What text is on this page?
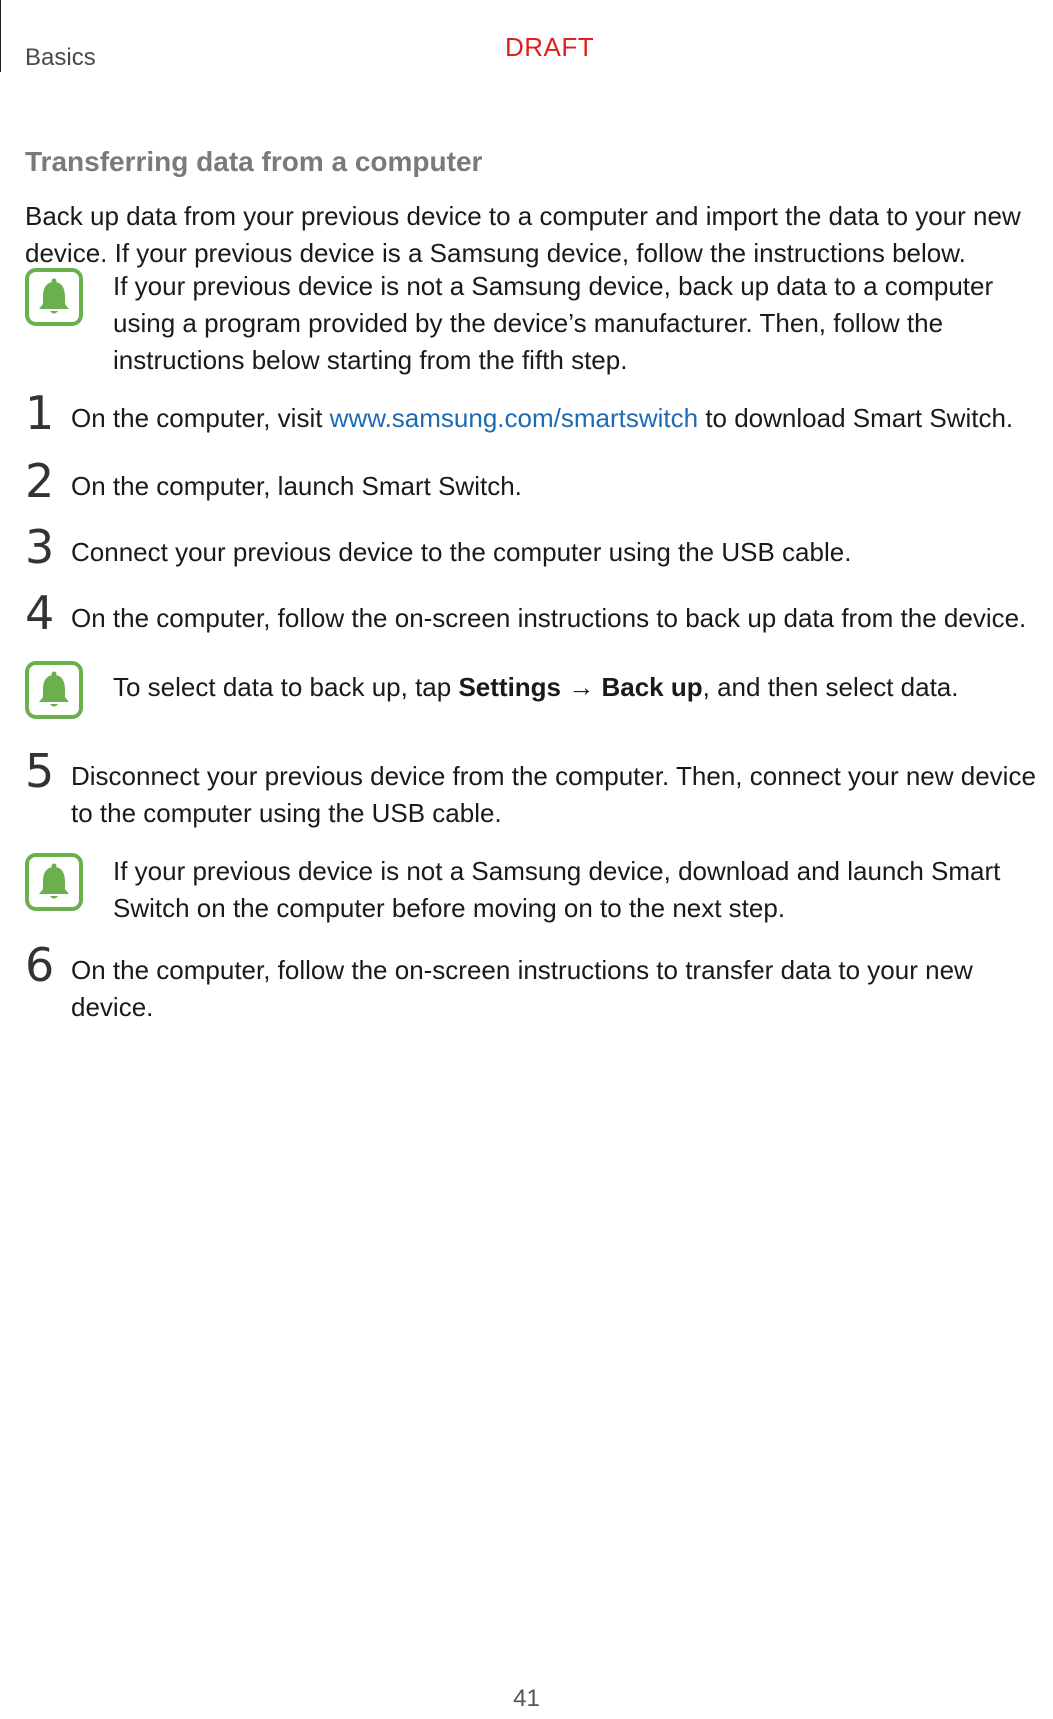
Basics	DRAFT
Transferring data from a computer

Back up data from your previous device to a computer and import the data to your new device. If your previous device is a Samsung device, follow the instructions below.

If your previous device is not a Samsung device, back up data to a computer using a program provided by the device’s manufacturer. Then, follow the instructions below starting from the fifth step.

1 On the computer, visit www.samsung.com/smartswitch to download Smart Switch.

2 On the computer, launch Smart Switch.

3 Connect your previous device to the computer using the USB cable.

4 On the computer, follow the on-screen instructions to back up data from the device.

To select data to back up, tap Settings → Back up, and then select data.

5 Disconnect your previous device from the computer. Then, connect your new device to the computer using the USB cable.

If your previous device is not a Samsung device, download and launch Smart Switch on the computer before moving on to the next step.

6 On the computer, follow the on-screen instructions to transfer data to your new device.

41
